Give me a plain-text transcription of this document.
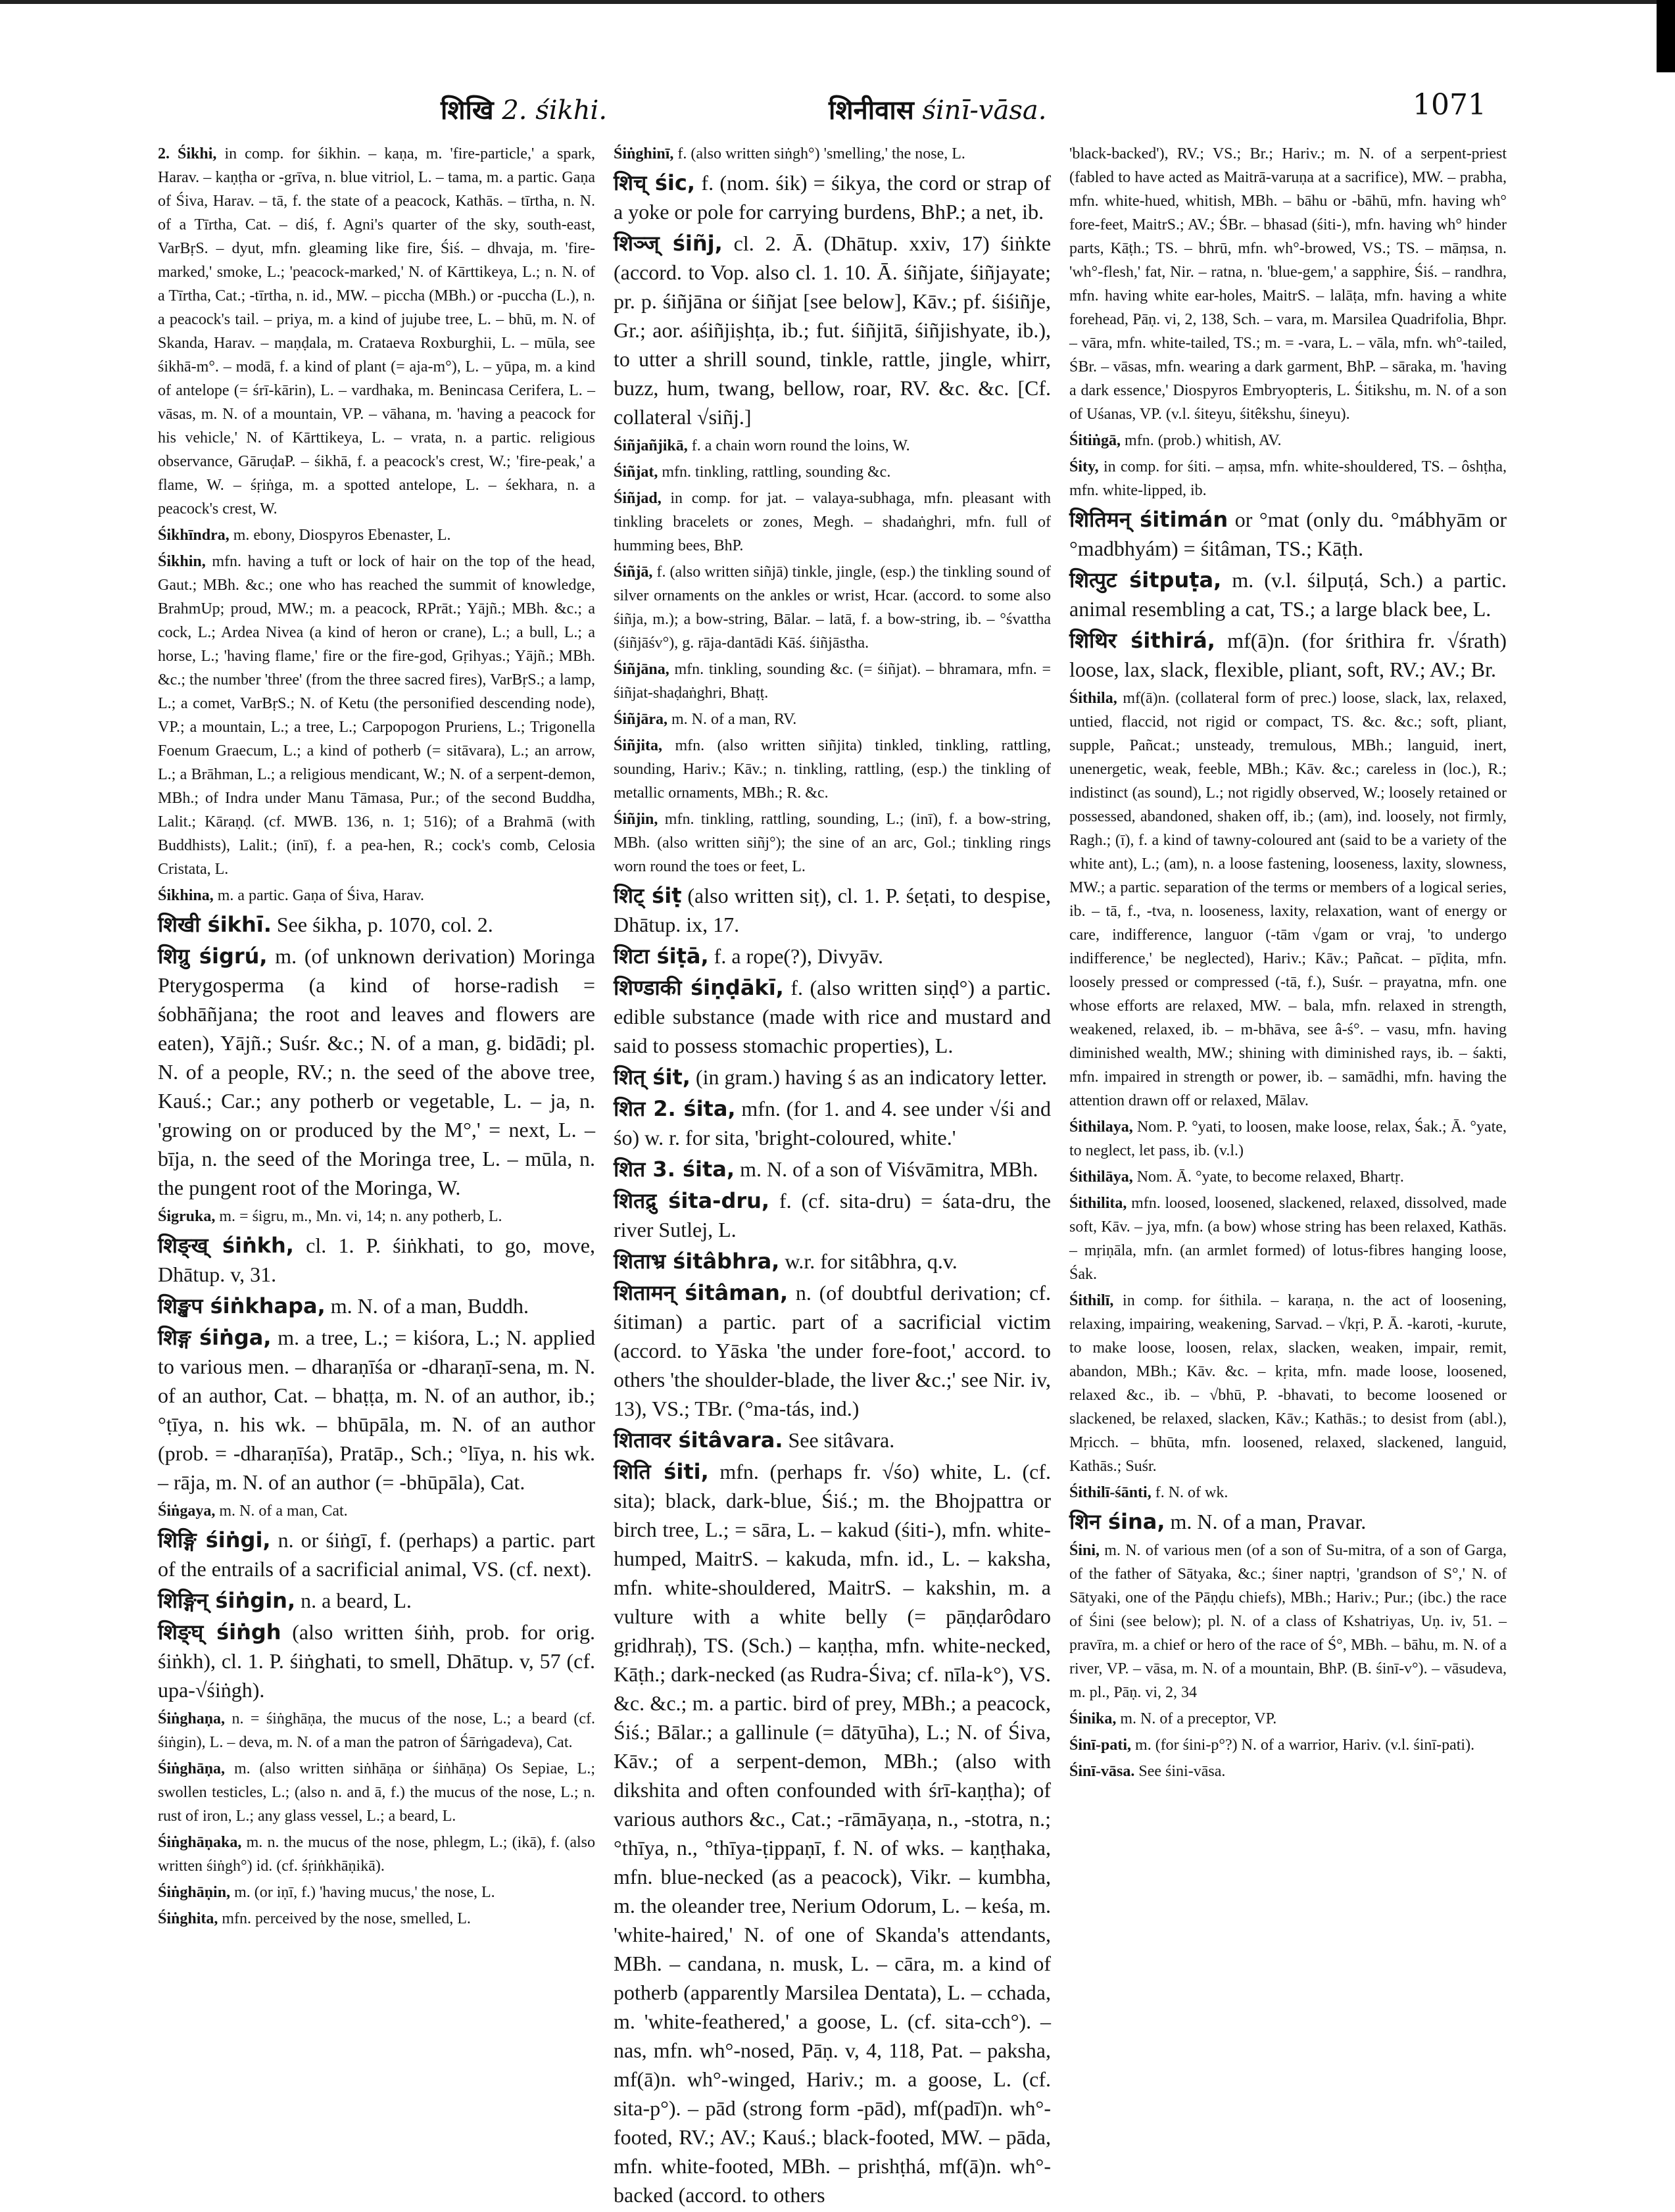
शिखि 2. śikhi.	शिनीवास śinī-vāsa.	1071

2. Śikhi, in comp. for śikhin. – kaṇa, m. 'fire-particle,' a spark, Harav. – kaṇṭha or -grīva, n. blue vitriol, L. – tama, m. a partic. Gaṇa of Śiva, Harav. – tā, f. the state of a peacock, Kathās. – tīrtha, n. N. of a Tīrtha, Cat. – diś, f. Agni's quarter of the sky, south-east, VarBṛS. – dyut, mfn. gleaming like fire, Śiś. – dhvaja, m. 'fire-marked,' smoke, L.; 'peacock-marked,' N. of Kārttikeya, L.; n. N. of a Tīrtha, Cat.; -tīrtha, n. id., MW. – piccha (MBh.) or -puccha (L.), n. a peacock's tail. – priya, m. a kind of jujube tree, L. – bhū, m. N. of Skanda, Harav. – maṇḍala, m. Crataeva Roxburghii, L. – mūla, see śikhā-m°. – modā, f. a kind of plant (= aja-m°), L. – yūpa, m. a kind of antelope (= śrī-kārin), L. – vardhaka, m. Benincasa Cerifera, L. – vāsas, m. N. of a mountain, VP. – vāhana, m. 'having a peacock for his vehicle,' N. of Kārttikeya, L. – vrata, n. a partic. religious observance, GāruḍaP. – śikhā, f. a peacock's crest, W.; 'fire-peak,' a flame, W. – śṛiṅga, m. a spotted antelope, L. – śekhara, n. a peacock's crest, W.

Śikhīndra, m. ebony, Diospyros Ebenaster, L.

Śikhin, mfn. having a tuft or lock of hair on the top of the head, Gaut.; MBh. &c.; one who has reached the summit of knowledge, BrahmUp; proud, MW.; m. a peacock, RPrāt.; Yājñ.; MBh. &c.; a cock, L.; Ardea Nivea (a kind of heron or crane), L.; a bull, L.; a horse, L.; 'having flame,' fire or the fire-god, Gṛihyas.; Yājñ.; MBh. &c.; the number 'three' (from the three sacred fires), VarBṛS.; a lamp, L.; a comet, VarBṛS.; N. of Ketu (the personified descending node), VP.; a mountain, L.; a tree, L.; Carpopogon Pruriens, L.; Trigonella Foenum Graecum, L.; a kind of potherb (= sitāvara), L.; an arrow, L.; a Brāhman, L.; a religious mendicant, W.; N. of a serpent-demon, MBh.; of Indra under Manu Tāmasa, Pur.; of the second Buddha, Lalit.; Kāraṇḍ. (cf. MWB. 136, n. 1; 516); of a Brahmā (with Buddhists), Lalit.; (inī), f. a pea-hen, R.; cock's comb, Celosia Cristata, L.

Śikhina, m. a partic. Gaṇa of Śiva, Harav.

शिखी śikhī. See śikha, p. 1070, col. 2.

शिग्रु śigrú, m. (of unknown derivation) Moringa Pterygosperma (a kind of horse-radish = śobhāñjana; the root and leaves and flowers are eaten), Yājñ.; Suśr. &c.; N. of a man, g. bidādi; pl. N. of a people, RV.; n. the seed of the above tree, Kauś.; Car.; any potherb or vegetable, L. – ja, n. 'growing on or produced by the M°,' = next, L. – bīja, n. the seed of the Moringa tree, L. – mūla, n. the pungent root of the Moringa, W.

Śigruka, m. = śigru, m., Mn. vi, 14; n. any potherb, L.

शिङ्ख् śiṅkh, cl. 1. P. śiṅkhati, to go, move, Dhātup. v, 31.

शिङ्खप śiṅkhapa, m. N. of a man, Buddh.

शिङ्ग śiṅga, m. a tree, L.; = kiśora, L.; N. applied to various men. – dharaṇīśa or -dharaṇī-sena, m. N. of an author, Cat. – bhaṭṭa, m. N. of an author, ib.; °ṭīya, n. his wk. – bhūpāla, m. N. of an author (prob. = -dharaṇīśa), Pratāp., Sch.; °līya, n. his wk. – rāja, m. N. of an author (= -bhūpāla), Cat.

Śiṅgaya, m. N. of a man, Cat.

शिङ्गि śiṅgi, n. or śiṅgī, f. (perhaps) a partic. part of the entrails of a sacrificial animal, VS. (cf. next).

शिङ्गिन् śiṅgin, n. a beard, L.

शिङ्घ् śiṅgh (also written śiṅh, prob. for orig. śiṅkh), cl. 1. P. śiṅghati, to smell, Dhātup. v, 57 (cf. upa-√śiṅgh).

Śiṅghaṇa, n. = śiṅghāṇa, the mucus of the nose, L.; a beard (cf. śiṅgin), L. – deva, m. N. of a man the patron of Śārṅgadeva), Cat.

Śiṅghāṇa, m. (also written siṅhāṇa or śiṅhāṇa) Os Sepiae, L.; swollen testicles, L.; (also n. and ā, f.) the mucus of the nose, L.; n. rust of iron, L.; any glass vessel, L.; a beard, L.

Śiṅghāṇaka, m. n. the mucus of the nose, phlegm, L.; (ikā), f. (also written śiṅgh°) id. (cf. śṛiṅkhāṇikā).

Śiṅghāṇin, m. (or iṇī, f.) 'having mucus,' the nose, L.

Śiṅghita, mfn. perceived by the nose, smelled, L.

Śiṅghinī, f. (also written siṅgh°) 'smelling,' the nose, L.

शिच् śic, f. (nom. śik) = śikya, the cord or strap of a yoke or pole for carrying burdens, BhP.; a net, ib.

शिञ्ज् śiñj, cl. 2. Ā. (Dhātup. xxiv, 17) śiṅkte (accord. to Vop. also cl. 1. 10. Ā. śiñjate, śiñjayate; pr. p. śiñjāna or śiñjat [see below], Kāv.; pf. śiśiñje, Gr.; aor. aśiñjiṣhṭa, ib.; fut. śiñjitā, śiñjishyate, ib.), to utter a shrill sound, tinkle, rattle, jingle, whirr, buzz, hum, twang, bellow, roar, RV. &c. &c. [Cf. collateral √siñj.]

Śiñjañjikā, f. a chain worn round the loins, W.

Śiñjat, mfn. tinkling, rattling, sounding &c.

Śiñjad, in comp. for jat. – valaya-subhaga, mfn. pleasant with tinkling bracelets or zones, Megh. – shadaṅghri, mfn. full of humming bees, BhP.

Śiñjā, f. (also written siñjā) tinkle, jingle, (esp.) the tinkling sound of silver ornaments on the ankles or wrist, Hcar. (accord. to some also śiñja, m.); a bow-string, Bālar. – latā, f. a bow-string, ib. – °śvattha (śiñjāśv°), g. rāja-dantādi Kāś. śiñjāstha.

Śiñjāna, mfn. tinkling, sounding &c. (= śiñjat). – bhramara, mfn. = śiñjat-shaḍaṅghri, Bhaṭṭ.

Śiñjāra, m. N. of a man, RV.

Śiñjita, mfn. (also written siñjita) tinkled, tinkling, rattling, sounding, Hariv.; Kāv.; n. tinkling, rattling, (esp.) the tinkling of metallic ornaments, MBh.; R. &c.

Śiñjin, mfn. tinkling, rattling, sounding, L.; (inī), f. a bow-string, MBh. (also written siñj°); the sine of an arc, Gol.; tinkling rings worn round the toes or feet, L.

शिट् śiṭ (also written siṭ), cl. 1. P. śeṭati, to despise, Dhātup. ix, 17.

शिटा śiṭā, f. a rope(?), Divyāv.

शिण्डाकी śiṇḍākī, f. (also written siṇḍ°) a partic. edible substance (made with rice and mustard and said to possess stomachic properties), L.

शित् śit, (in gram.) having ś as an indicatory letter.

शित 2. śita, mfn. (for 1. and 4. see under √śi and śo) w. r. for sita, 'bright-coloured, white.'

शित 3. śita, m. N. of a son of Viśvāmitra, MBh.

शितद्रु śita-dru, f. (cf. sita-dru) = śata-dru, the river Sutlej, L.

शिताभ्र śitâbhra, w.r. for sitâbhra, q.v.

शितामन् śitâman, n. (of doubtful derivation; cf. śitiman) a partic. part of a sacrificial victim (accord. to Yāska 'the under fore-foot,' accord. to others 'the shoulder-blade, the liver &c.;' see Nir. iv, 13), VS.; TBr. (°ma-tás, ind.)

शितावर śitâvara. See sitâvara.

शिति śiti, mfn. (perhaps fr. √śo) white, L. (cf. sita); black, dark-blue, Śiś.; m. the Bhojpattra or birch tree, L.; = sāra, L. – kakud (śiti-), mfn. white-humped, MaitrS. – kakuda, mfn. id., L. – kaksha, mfn. white-shouldered, MaitrS. – kakshin, m. a vulture with a white belly (= pāṇḍarôdaro gṛidhraḥ), TS. (Sch.) – kaṇṭha, mfn. white-necked, Kāṭh.; dark-necked (as Rudra-Śiva; cf. nīla-k°), VS. &c. &c.; m. a partic. bird of prey, MBh.; a peacock, Śiś.; Bālar.; a gallinule (= dātyūha), L.; N. of Śiva, Kāv.; of a serpent-demon, MBh.; (also with dikshita and often confounded with śrī-kaṇṭha); of various authors &c., Cat.; -rāmāyaṇa, n., -stotra, n.; °thīya, n., °thīya-ṭippaṇī, f. N. of wks. – kaṇṭhaka, mfn. blue-necked (as a peacock), Vikr. – kumbha, m. the oleander tree, Nerium Odorum, L. – keśa, m. 'white-haired,' N. of one of Skanda's attendants, MBh. – candana, n. musk, L. – cāra, m. a kind of potherb (apparently Marsilea Dentata), L. – cchada, m. 'white-feathered,' a goose, L. (cf. sita-cch°). – nas, mfn. wh°-nosed, Pāṇ. v, 4, 118, Pat. – paksha, mf(ā)n. wh°-winged, Hariv.; m. a goose, L. (cf. sita-p°). – pād (strong form -pād), mf(padī)n. wh°-footed, RV.; AV.; Kauś.; black-footed, MW. – pāda, mfn. white-footed, MBh. – prishṭhá, mf(ā)n. wh°-backed (accord. to others

'black-backed'), RV.; VS.; Br.; Hariv.; m. N. of a serpent-priest (fabled to have acted as Maitrā-varuṇa at a sacrifice), MW. – prabha, mfn. white-hued, whitish, MBh. – bāhu or -bāhū, mfn. having wh° fore-feet, MaitrS.; AV.; ŚBr. – bhasad (śiti-), mfn. having wh° hinder parts, Kāṭh.; TS. – bhrū, mfn. wh°-browed, VS.; TS. – māṃsa, n. 'wh°-flesh,' fat, Nir. – ratna, n. 'blue-gem,' a sapphire, Śiś. – randhra, mfn. having white ear-holes, MaitrS. – lalāṭa, mfn. having a white forehead, Pāṇ. vi, 2, 138, Sch. – vara, m. Marsilea Quadrifolia, Bhpr. – vāra, mfn. white-tailed, TS.; m. = -vara, L. – vāla, mfn. wh°-tailed, ŚBr. – vāsas, mfn. wearing a dark garment, BhP. – sāraka, m. 'having a dark essence,' Diospyros Embryopteris, L. Śitikshu, m. N. of a son of Uśanas, VP. (v.l. śiteyu, śitêkshu, śineyu).

Śitiṅgā, mfn. (prob.) whitish, AV.

Śity, in comp. for śiti. – aṃsa, mfn. white-shouldered, TS. – ôshṭha, mfn. white-lipped, ib.

शितिमन् śitimán or °mat (only du. °mábhyām or °madbhyám) = śitâman, TS.; Kāṭh.

शित्पुट śitpuṭa, m. (v.l. śilpuṭá, Sch.) a partic. animal resembling a cat, TS.; a large black bee, L.

शिथिर śithirá, mf(ā)n. (for śrithira fr. √śrath) loose, lax, slack, flexible, pliant, soft, RV.; AV.; Br.

Śithila, mf(ā)n. (collateral form of prec.) loose, slack, lax, relaxed, untied, flaccid, not rigid or compact, TS. &c. &c.; soft, pliant, supple, Pañcat.; unsteady, tremulous, MBh.; languid, inert, unenergetic, weak, feeble, MBh.; Kāv. &c.; careless in (loc.), R.; indistinct (as sound), L.; not rigidly observed, W.; loosely retained or possessed, abandoned, shaken off, ib.; (am), ind. loosely, not firmly, Ragh.; (ī), f. a kind of tawny-coloured ant (said to be a variety of the white ant), L.; (am), n. a loose fastening, looseness, laxity, slowness, MW.; a partic. separation of the terms or members of a logical series, ib. – tā, f., -tva, n. looseness, laxity, relaxation, want of energy or care, indifference, languor (-tām √gam or vraj, 'to undergo indifference,' be neglected), Hariv.; Kāv.; Pañcat. – pīḍita, mfn. loosely pressed or compressed (-tā, f.), Suśr. – prayatna, mfn. one whose efforts are relaxed, MW. – bala, mfn. relaxed in strength, weakened, relaxed, ib. – m-bhāva, see â-ś°. – vasu, mfn. having diminished wealth, MW.; shining with diminished rays, ib. – śakti, mfn. impaired in strength or power, ib. – samādhi, mfn. having the attention drawn off or relaxed, Mālav.

Śithilaya, Nom. P. °yati, to loosen, make loose, relax, Śak.; Ā. °yate, to neglect, let pass, ib. (v.l.)

Śithilāya, Nom. Ā. °yate, to become relaxed, Bhartṛ.

Śithilita, mfn. loosed, loosened, slackened, relaxed, dissolved, made soft, Kāv. – jya, mfn. (a bow) whose string has been relaxed, Kathās. – mṛiṇāla, mfn. (an armlet formed) of lotus-fibres hanging loose, Śak.

Śithilī, in comp. for śithila. – karaṇa, n. the act of loosening, relaxing, impairing, weakening, Sarvad. – √kṛi, P. Ā. -karoti, -kurute, to make loose, loosen, relax, slacken, weaken, impair, remit, abandon, MBh.; Kāv. &c. – kṛita, mfn. made loose, loosened, relaxed &c., ib. – √bhū, P. -bhavati, to become loosened or slackened, be relaxed, slacken, Kāv.; Kathās.; to desist from (abl.), Mṛicch. – bhūta, mfn. loosened, relaxed, slackened, languid, Kathās.; Suśr.

Śithilī-śānti, f. N. of wk.

शिन śina, m. N. of a man, Pravar.

Śini, m. N. of various men (of a son of Su-mitra, of a son of Garga, of the father of Sātyaka, &c.; śiner naptṛi, 'grandson of S°,' N. of Sātyaki, one of the Pāṇḍu chiefs), MBh.; Hariv.; Pur.; (ibc.) the race of Śini (see below); pl. N. of a class of Kshatriyas, Uṇ. iv, 51. – pravīra, m. a chief or hero of the race of Ś°, MBh. – bāhu, m. N. of a river, VP. – vāsa, m. N. of a mountain, BhP. (B. śinī-v°). – vāsudeva, m. pl., Pāṇ. vi, 2, 34

Śinika, m. N. of a preceptor, VP.

Śinī-pati, m. (for śini-p°?) N. of a warrior, Hariv. (v.l. śinī-pati).

Śinī-vāsa. See śini-vāsa.
